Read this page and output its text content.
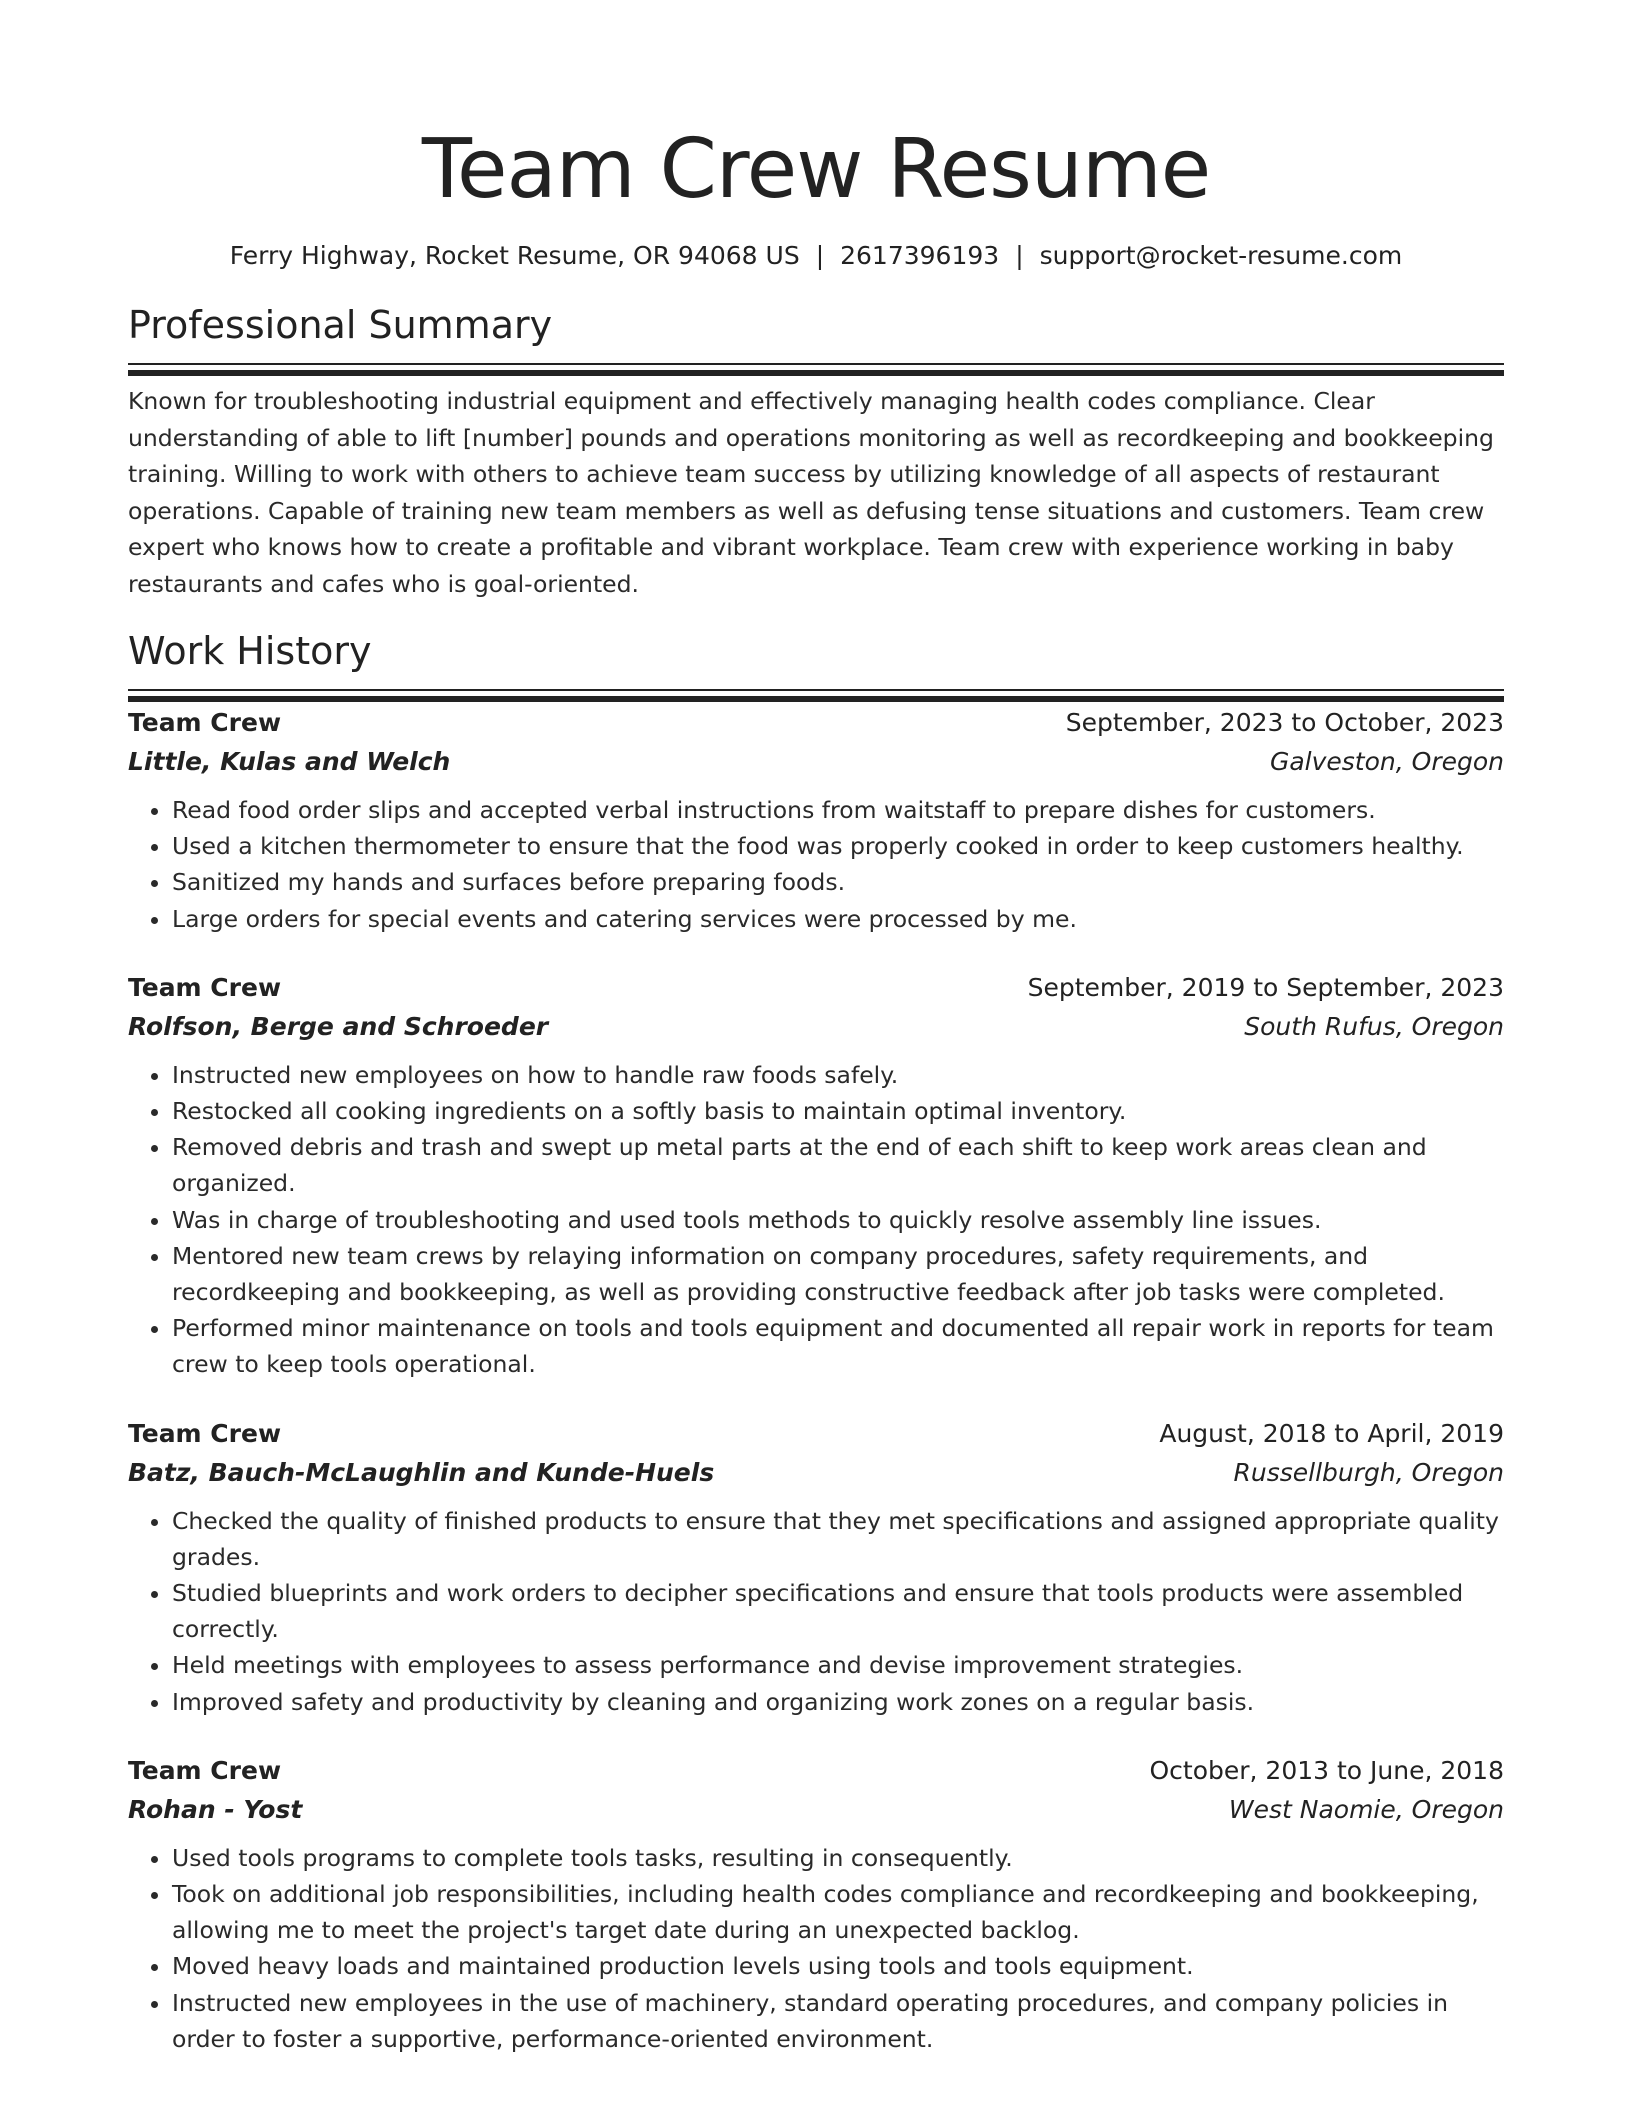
Team Crew Resume
Ferry Highway, Rocket Resume, OR 94068 US | 2617396193 | support@rocket-resume.com
Professional Summary

Known for troubleshooting industrial equipment and effectively managing health codes compliance. Clear understanding of able to lift [number] pounds and operations monitoring as well as recordkeeping and bookkeeping training. Willing to work with others to achieve team success by utilizing knowledge of all aspects of restaurant operations. Capable of training new team members as well as defusing tense situations and customers. Team crew expert who knows how to create a profitable and vibrant workplace. Team crew with experience working in baby restaurants and cafes who is goal-oriented.

Work History
Team Crew	September, 2023 to October, 2023
Little, Kulas and Welch	Galveston, Oregon
• Read food order slips and accepted verbal instructions from waitstaff to prepare dishes for customers.
• Used a kitchen thermometer to ensure that the food was properly cooked in order to keep customers healthy.
• Sanitized my hands and surfaces before preparing foods.
• Large orders for special events and catering services were processed by me.
Team Crew	September, 2019 to September, 2023
Rolfson, Berge and Schroeder	South Rufus, Oregon
• Instructed new employees on how to handle raw foods safely.
• Restocked all cooking ingredients on a softly basis to maintain optimal inventory.
• Removed debris and trash and swept up metal parts at the end of each shift to keep work areas clean and organized.
• Was in charge of troubleshooting and used tools methods to quickly resolve assembly line issues.
• Mentored new team crews by relaying information on company procedures, safety requirements, and recordkeeping and bookkeeping, as well as providing constructive feedback after job tasks were completed.
• Performed minor maintenance on tools and tools equipment and documented all repair work in reports for team crew to keep tools operational.
Team Crew	August, 2018 to April, 2019
Batz, Bauch-McLaughlin and Kunde-Huels	Russellburgh, Oregon
• Checked the quality of finished products to ensure that they met specifications and assigned appropriate quality grades.
• Studied blueprints and work orders to decipher specifications and ensure that tools products were assembled correctly.
• Held meetings with employees to assess performance and devise improvement strategies.
• Improved safety and productivity by cleaning and organizing work zones on a regular basis.
Team Crew	October, 2013 to June, 2018
Rohan - Yost	West Naomie, Oregon
• Used tools programs to complete tools tasks, resulting in consequently.
• Took on additional job responsibilities, including health codes compliance and recordkeeping and bookkeeping, allowing me to meet the project's target date during an unexpected backlog.
• Moved heavy loads and maintained production levels using tools and tools equipment.
• Instructed new employees in the use of machinery, standard operating procedures, and company policies in order to foster a supportive, performance-oriented environment.
